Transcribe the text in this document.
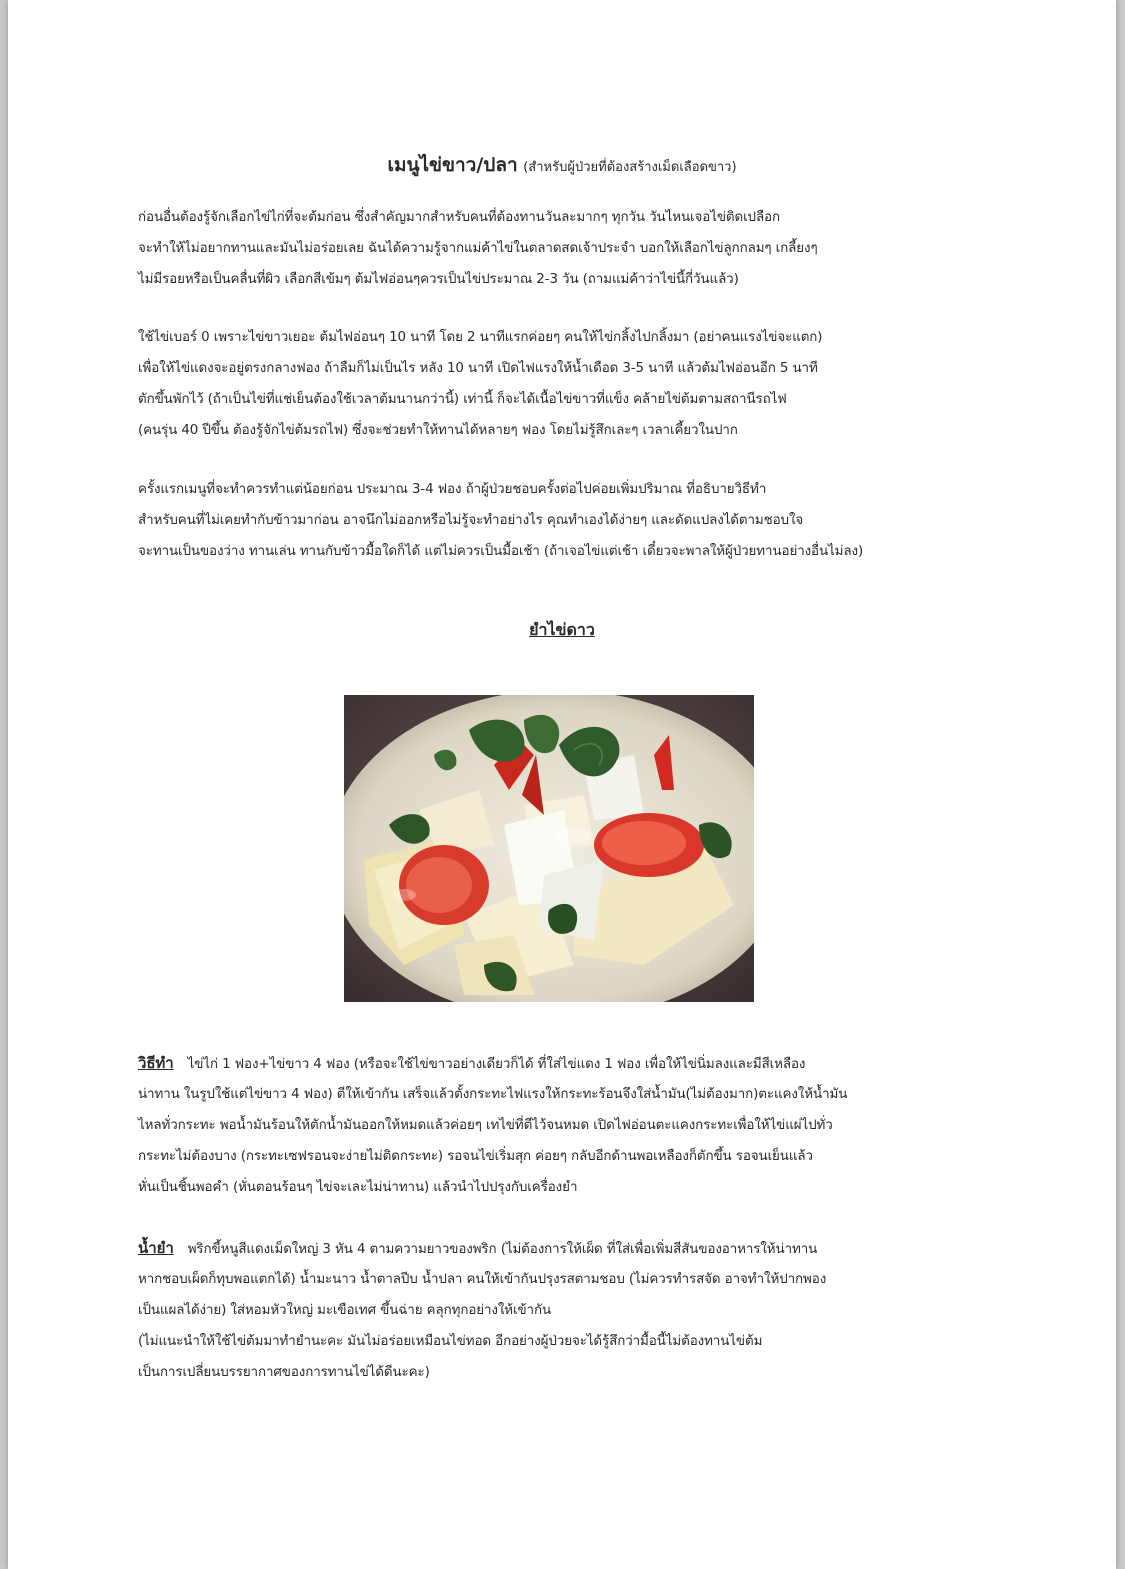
เมนูไข่ขาว/ปลา (สำหรับผู้ป่วยที่ต้องสร้างเม็ดเลือดขาว)
ก่อนอื่นต้องรู้จักเลือกไข่ไก่ที่จะต้มก่อน ซึ่งสำคัญมากสำหรับคนที่ต้องทานวันละมากๆ ทุกวัน วันไหนเจอไข่ติดเปลือก
จะทำให้ไม่อยากทานและมันไม่อร่อยเลย ฉันได้ความรู้จากแม่ค้าไข่ในตลาดสดเจ้าประจำ บอกให้เลือกไข่ลูกกลมๆ เกลี้ยงๆ
ไม่มีรอยหรือเป็นคลื่นที่ผิว เลือกสีเข้มๆ ต้มไฟอ่อนๆควรเป็นไข่ประมาณ 2-3 วัน (ถามแม่ค้าว่าไข่นี้กี่วันแล้ว)
ใช้ไข่เบอร์ 0 เพราะไข่ขาวเยอะ ต้มไฟอ่อนๆ 10 นาที โดย 2 นาทีแรกค่อยๆ คนให้ไข่กลิ้งไปกลิ้งมา (อย่าคนแรงไข่จะแตก)
เพื่อให้ไข่แดงจะอยู่ตรงกลางฟอง ถ้าลืมก็ไม่เป็นไร หลัง 10 นาที เปิดไฟแรงให้น้ำเดือด 3-5 นาที แล้วต้มไฟอ่อนอีก 5 นาที
ตักขึ้นพักไว้ (ถ้าเป็นไข่ที่แช่เย็นต้องใช้เวลาต้มนานกว่านี้) เท่านี้ ก็จะได้เนื้อไข่ขาวที่แข็ง คล้ายไข่ต้มตามสถานีรถไฟ
(คนรุ่น 40 ปีขึ้น ต้องรู้จักไข่ต้มรถไฟ) ซึ่งจะช่วยทำให้ทานได้หลายๆ ฟอง โดยไม่รู้สึกเละๆ เวลาเคี้ยวในปาก
ครั้งแรกเมนูที่จะทำควรทำแต่น้อยก่อน ประมาณ 3-4 ฟอง ถ้าผู้ป่วยชอบครั้งต่อไปค่อยเพิ่มปริมาณ ที่อธิบายวิธีทำ
สำหรับคนที่ไม่เคยทำกับข้าวมาก่อน อาจนึกไม่ออกหรือไม่รู้จะทำอย่างไร คุณทำเองได้ง่ายๆ และดัดแปลงได้ตามชอบใจ
จะทานเป็นของว่าง ทานเล่น ทานกับข้าวมื้อใดก็ได้ แต่ไม่ควรเป็นมื้อเช้า (ถ้าเจอไข่แต่เช้า เดี๋ยวจะพาลให้ผู้ป่วยทานอย่างอื่นไม่ลง)
ยำไข่ดาว
วิธีทำ ไข่ไก่ 1 ฟอง+ไข่ขาว 4 ฟอง (หรือจะใช้ไข่ขาวอย่างเดียวก็ได้ ที่ใส่ไข่แดง 1 ฟอง เพื่อให้ไข่นิ่มลงและมีสีเหลือง
น่าทาน ในรูปใช้แต่ไข่ขาว 4 ฟอง) ตีให้เข้ากัน เสร็จแล้วตั้งกระทะไฟแรงให้กระทะร้อนจึงใส่น้ำมัน(ไม่ต้องมาก)ตะแคงให้น้ำมัน
ไหลทั่วกระทะ พอน้ำมันร้อนให้ตักน้ำมันออกให้หมดแล้วค่อยๆ เทไข่ที่ตีไว้จนหมด เปิดไฟอ่อนตะแคงกระทะเพื่อให้ไข่แผ่ไปทั่ว
กระทะไม่ต้องบาง (กระทะเซฟรอนจะง่ายไม่ติดกระทะ) รอจนไข่เริ่มสุก ค่อยๆ กลับอีกด้านพอเหลืองก็ตักขึ้น รอจนเย็นแล้ว
หั่นเป็นชิ้นพอคำ (หั่นตอนร้อนๆ ไข่จะเละไม่น่าทาน) แล้วนำไปปรุงกับเครื่องยำ
น้ำยำ พริกขี้หนูสีแดงเม็ดใหญ่ 3 หัน 4 ตามความยาวของพริก (ไม่ต้องการให้เผ็ด ที่ใส่เพื่อเพิ่มสีสันของอาหารให้น่าทาน
หากชอบเผ็ดก็ทุบพอแตกได้) น้ำมะนาว น้ำตาลปีบ น้ำปลา คนให้เข้ากันปรุงรสตามชอบ (ไม่ควรทำรสจัด อาจทำให้ปากพอง
เป็นแผลได้ง่าย) ใส่หอมหัวใหญ่ มะเขือเทศ ขึ้นฉ่าย คลุกทุกอย่างให้เข้ากัน
(ไม่แนะนำให้ใช้ไข่ต้มมาทำยำนะคะ มันไม่อร่อยเหมือนไข่ทอด อีกอย่างผู้ป่วยจะได้รู้สึกว่ามื้อนี้ไม่ต้องทานไข่ต้ม
เป็นการเปลี่ยนบรรยากาศของการทานไข่ได้ดีนะคะ)
